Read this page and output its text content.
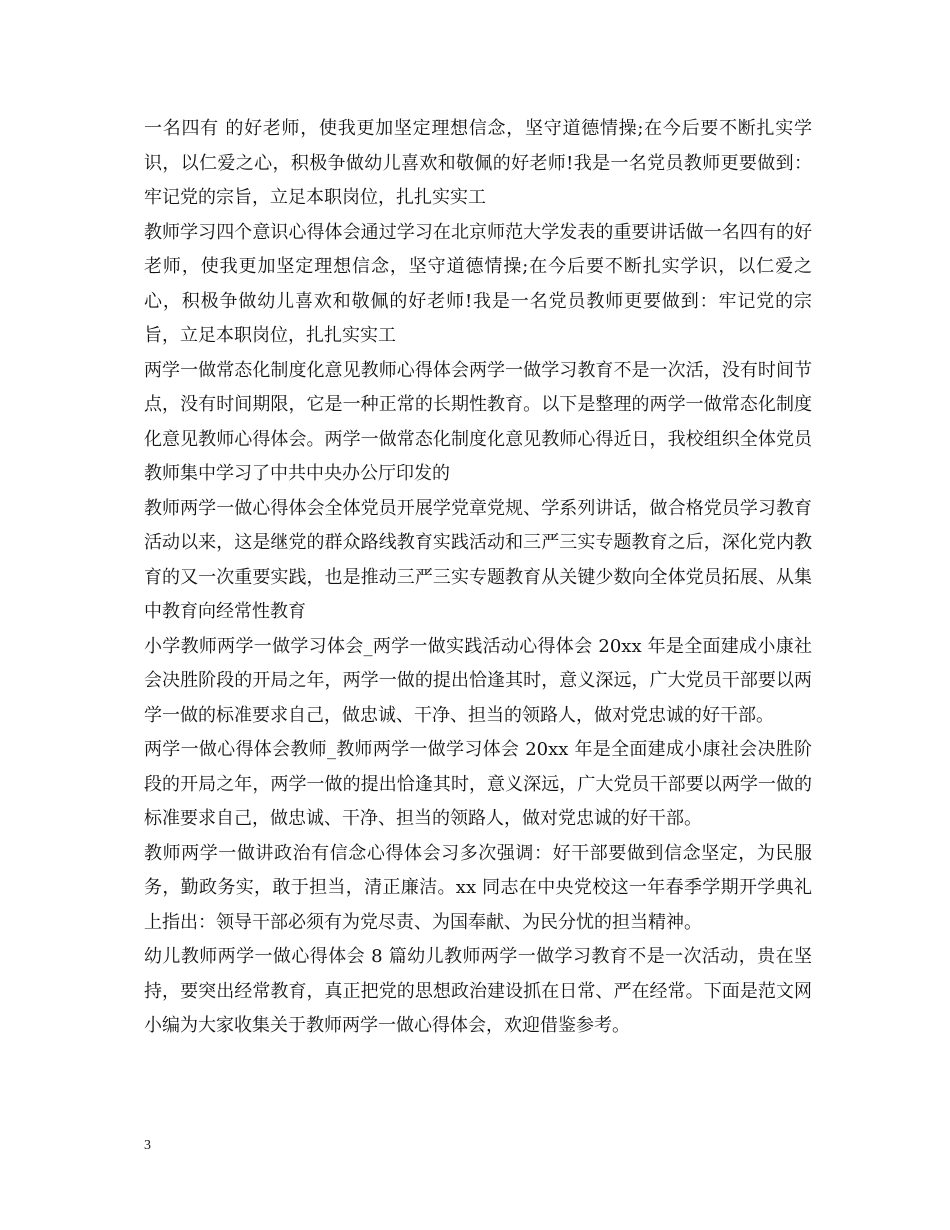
一名四有 的好老师，使我更加坚定理想信念，坚守道德情操;在今后要不断扎实学识，以仁爱之心，积极争做幼儿喜欢和敬佩的好老师!我是一名党员教师更要做到：牢记党的宗旨，立足本职岗位，扎扎实实工

教师学习四个意识心得体会通过学习在北京师范大学发表的重要讲话做一名四有的好老师，使我更加坚定理想信念，坚守道德情操;在今后要不断扎实学识，以仁爱之心，积极争做幼儿喜欢和敬佩的好老师!我是一名党员教师更要做到：牢记党的宗旨，立足本职岗位，扎扎实实工

两学一做常态化制度化意见教师心得体会两学一做学习教育不是一次活，没有时间节点，没有时间期限，它是一种正常的长期性教育。以下是整理的两学一做常态化制度化意见教师心得体会。两学一做常态化制度化意见教师心得近日，我校组织全体党员教师集中学习了中共中央办公厅印发的

教师两学一做心得体会全体党员开展学党章党规、学系列讲话，做合格党员学习教育活动以来，这是继党的群众路线教育实践活动和三严三实专题教育之后，深化党内教育的又一次重要实践，也是推动三严三实专题教育从关键少数向全体党员拓展、从集中教育向经常性教育

小学教师两学一做学习体会_两学一做实践活动心得体会 20xx 年是全面建成小康社会决胜阶段的开局之年，两学一做的提出恰逢其时，意义深远，广大党员干部要以两学一做的标准要求自己，做忠诚、干净、担当的领路人，做对党忠诚的好干部。

两学一做心得体会教师_教师两学一做学习体会 20xx 年是全面建成小康社会决胜阶段的开局之年，两学一做的提出恰逢其时，意义深远，广大党员干部要以两学一做的标准要求自己，做忠诚、干净、担当的领路人，做对党忠诚的好干部。

教师两学一做讲政治有信念心得体会习多次强调：好干部要做到信念坚定，为民服务，勤政务实，敢于担当，清正廉洁。xx 同志在中央党校这一年春季学期开学典礼上指出：领导干部必须有为党尽责、为国奉献、为民分忧的担当精神。

幼儿教师两学一做心得体会 8 篇幼儿教师两学一做学习教育不是一次活动，贵在坚持，要突出经常教育，真正把党的思想政治建设抓在日常、严在经常。下面是范文网小编为大家收集关于教师两学一做心得体会，欢迎借鉴参考。

3
